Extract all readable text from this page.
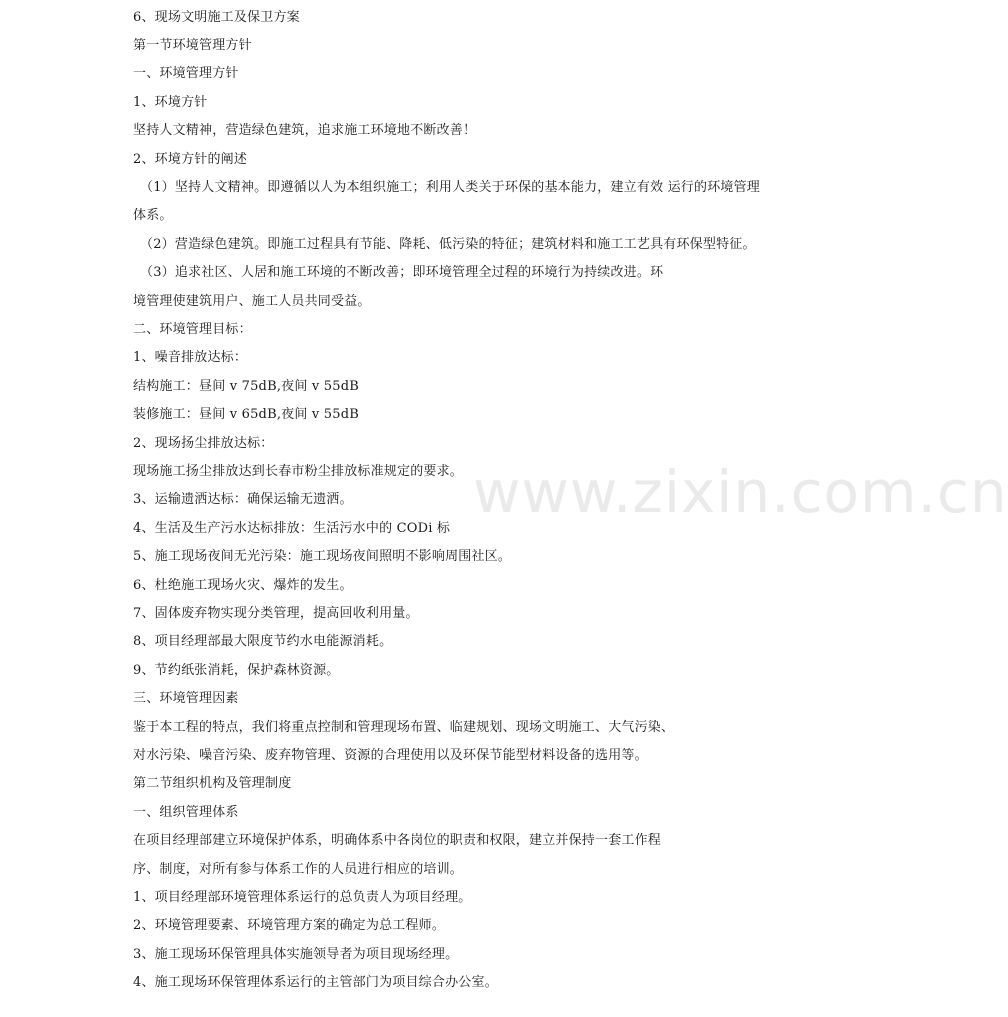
6、现场文明施工及保卫方案
第一节环境管理方针
一、环境管理方针
1、环境方针
坚持人文精神，营造绿色建筑，追求施工环境地不断改善！
2、环境方针的阐述
（1）坚持人文精神。即遵循以人为本组织施工；利用人类关于环保的基本能力，建立有效 运行的环境管理
体系。
（2）营造绿色建筑。即施工过程具有节能、降耗、低污染的特征；建筑材料和施工工艺具有环保型特征。
（3）追求社区、人居和施工环境的不断改善；即环境管理全过程的环境行为持续改进。环
境管理使建筑用户、施工人员共同受益。
二、环境管理目标：
1、噪音排放达标：
结构施工：昼间 v 75dB,夜间 v 55dB
装修施工：昼间 v 65dB,夜间 v 55dB
2、现场扬尘排放达标：
现场施工扬尘排放达到长春市粉尘排放标准规定的要求。
3、运输遗洒达标：确保运输无遗洒。
4、生活及生产污水达标排放：生活污水中的 CODi 标
5、施工现场夜间无光污染：施工现场夜间照明不影响周围社区。
6、杜绝施工现场火灾、爆炸的发生。
7、固体废弃物实现分类管理，提高回收利用量。
8、项目经理部最大限度节约水电能源消耗。
9、节约纸张消耗，保护森林资源。
三、环境管理因素
鉴于本工程的特点，我们将重点控制和管理现场布置、临建规划、现场文明施工、大气污染、
对水污染、噪音污染、废弃物管理、资源的合理使用以及环保节能型材料设备的选用等。
第二节组织机构及管理制度
一、组织管理体系
在项目经理部建立环境保护体系，明确体系中各岗位的职责和权限，建立并保持一套工作程
序、制度，对所有参与体系工作的人员进行相应的培训。
1、项目经理部环境管理体系运行的总负责人为项目经理。
2、环境管理要素、环境管理方案的确定为总工程师。
3、施工现场环保管理具体实施领导者为项目现场经理。
4、施工现场环保管理体系运行的主管部门为项目综合办公室。
www.zixin.com.cn
